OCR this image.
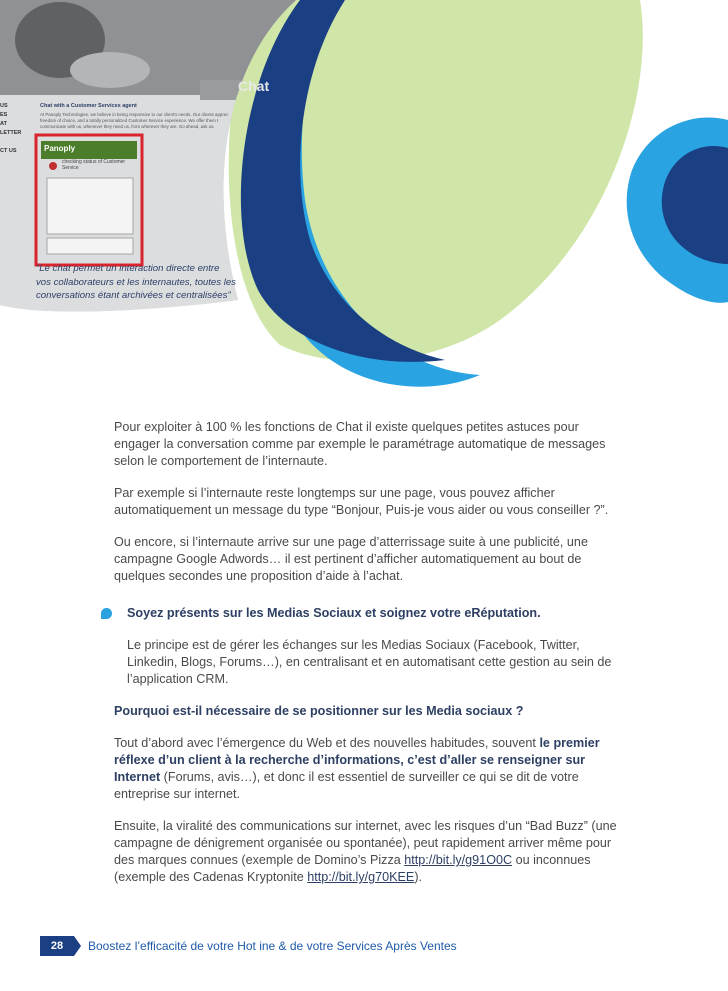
US
ES
AT
LETTER
CT US
Chat with a Customer Services agent
At Panoply Technologies, we believe in being responsive to our client's needs. Our clients apprec freedom of choice, and a totally personalized Customer Service experience. We offer them t communicate with us, whenever they need us, from wherever they are. Go ahead, ask us.
Panoply
checking status of Customer Service
Chat

“Le chat permet un interaction directe entre vos collaborateurs et les internautes, toutes les conversations étant archivées et centralisées”

Pour exploiter à 100 % les fonctions de Chat il existe quelques petites astuces pour engager la conversation comme par exemple le paramétrage automatique de messages selon le comportement de l’internaute.

Par exemple si l’internaute reste longtemps sur une page, vous pouvez afficher automatiquement un message du type “Bonjour, Puis-je vous aider ou vous conseiller ?”.

Ou encore, si l’internaute arrive sur une page d’atterrissage suite à une publicité, une campagne Google Adwords… il est pertinent d’afficher automatiquement au bout de quelques secondes une proposition d’aide à l’achat.

Soyez présents sur les Medias Sociaux et soignez votre eRéputation.

Le principe est de gérer les échanges sur les Medias Sociaux (Facebook, Twitter, Linkedin, Blogs, Forums…), en centralisant et en automatisant cette gestion au sein de l’application CRM.

Pourquoi est-il nécessaire de se positionner sur les Media sociaux ?

Tout d’abord avec l’émergence du Web et des nouvelles habitudes, souvent le premier réflexe d’un client à la recherche d’informations, c’est d’aller se renseigner sur Internet (Forums, avis…), et donc il est essentiel de surveiller ce qui se dit de votre entreprise sur internet.

Ensuite, la viralité des communications sur internet, avec les risques d’un “Bad Buzz” (une campagne de dénigrement organisée ou spontanée), peut rapidement arriver même pour des marques connues (exemple de Domino’s Pizza http://bit.ly/g91O0C ou inconnues (exemple des Cadenas Kryptonite http://bit.ly/g70KEE).

28	Boostez l’efficacité de votre Hot ine & de votre Services Après Ventes
